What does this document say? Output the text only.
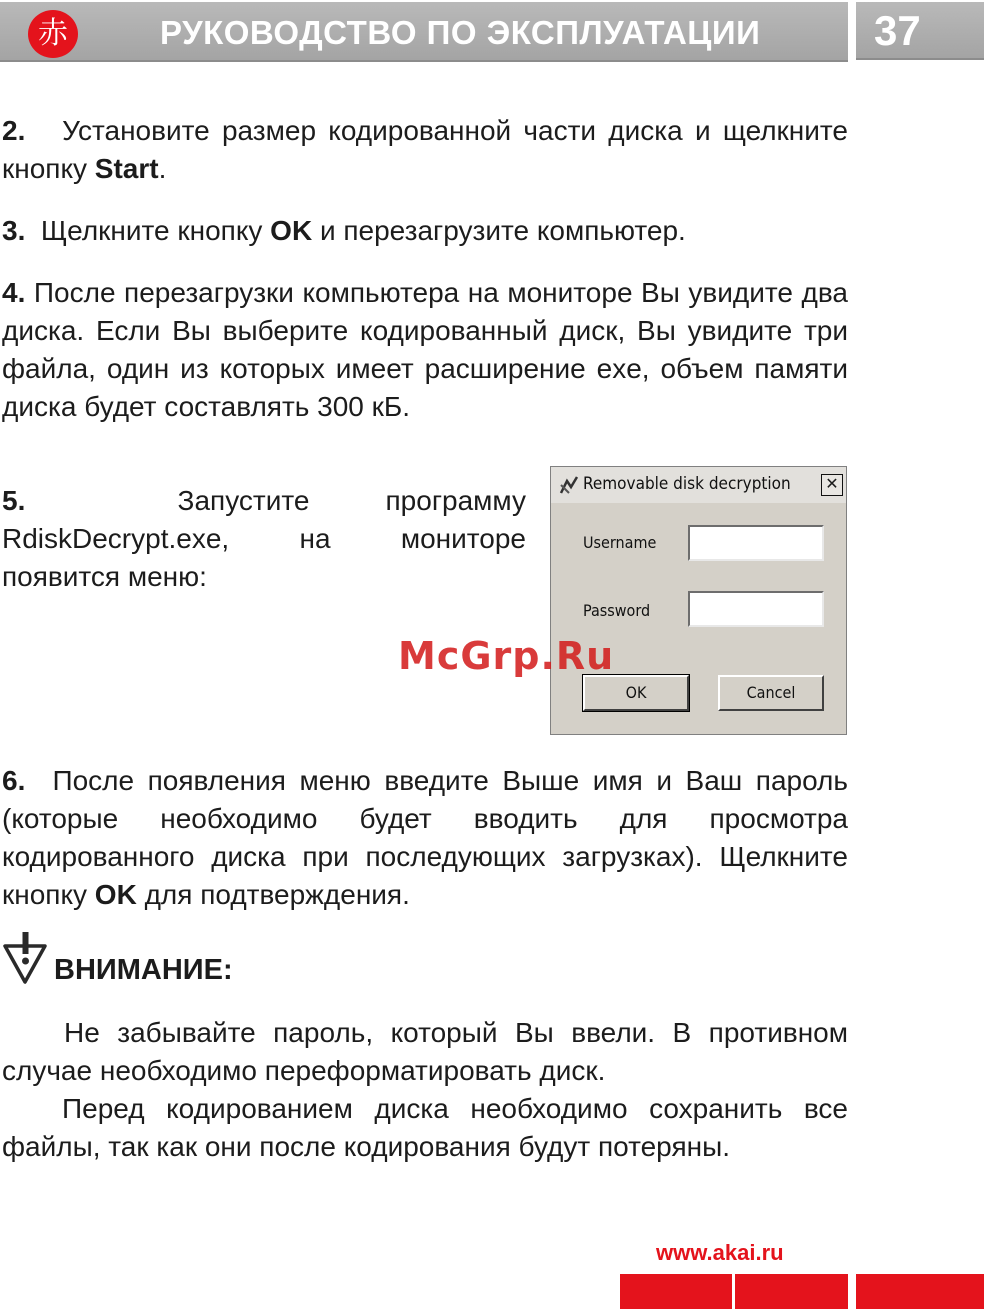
赤	РУКОВОДСТВО ПО ЭКСПЛУАТАЦИИ	37

2. Установите размер кодированной части диска и щелкните кнопку Start.

3. Щелкните кнопку OK и перезагрузите компьютер.

4. После перезагрузки компьютера на мониторе Вы увидите два диска. Если Вы выберите кодированный диск, Вы увидите три файла, один из которых имеет расширение exe, объем памяти диска будет составлять 300 кБ.

5.	Запустите программу RdiskDecrypt.exe, на мониторе появится меню:

Removable disk decryption ✕
Username
Password
OK	Cancel
McGrp.Ru

6. После появления меню введите Выше имя и Ваш пароль (которые необходимо будет вводить для просмотра кодированного диска при последующих загрузках). Щелкните кнопку OK для подтверждения.

ВНИМАНИЕ:

Не забывайте пароль, который Вы ввели. В противном случае необходимо переформатировать диск.

Перед кодированием диска необходимо сохранить все файлы, так как они после кодирования будут потеряны.

www.akai.ru
